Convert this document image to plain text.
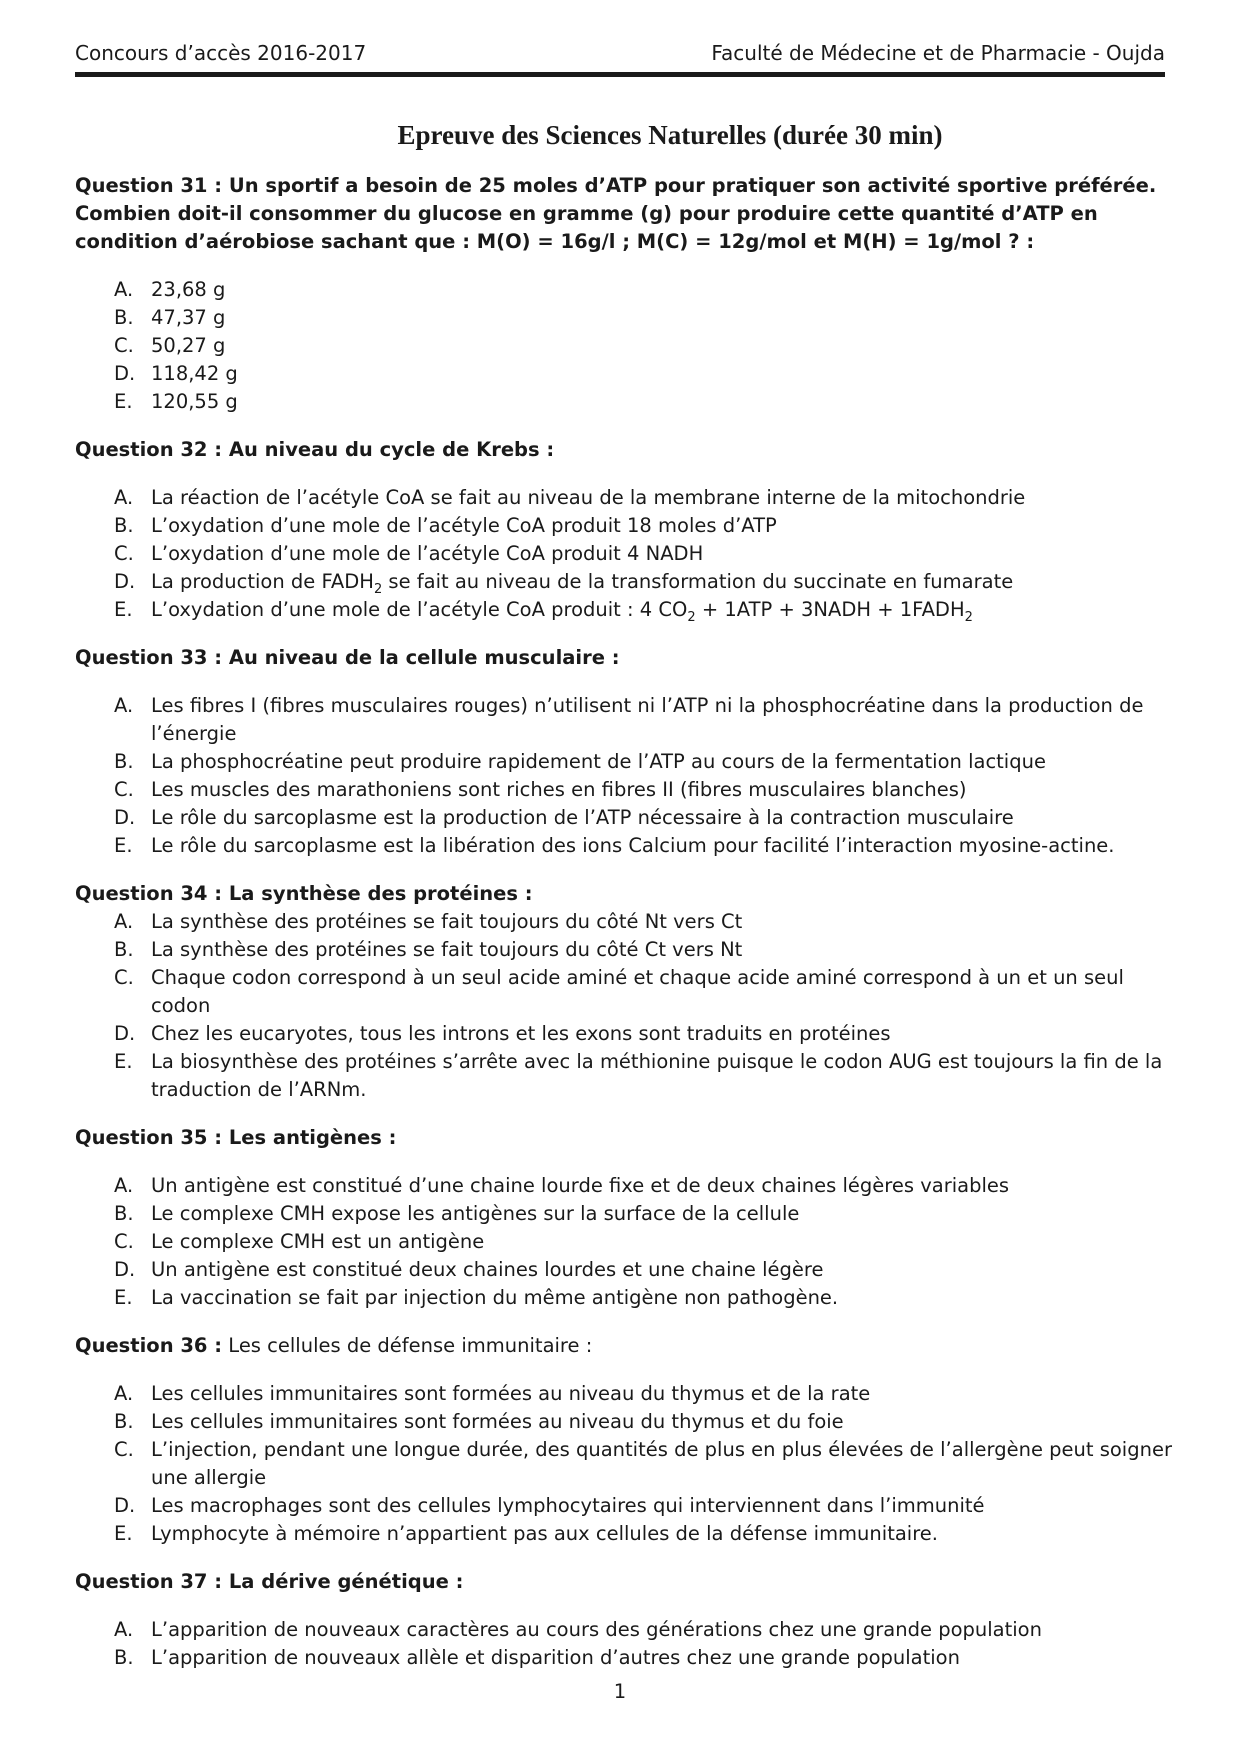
Concours d’accès 2016-2017	Faculté de Médecine et de Pharmacie - Oujda
Epreuve des Sciences Naturelles (durée 30 min)

Question 31 : Un sportif a besoin de 25 moles d’ATP pour pratiquer son activité sportive préférée. Combien doit-il consommer du glucose en gramme (g) pour produire cette quantité d’ATP en condition d’aérobiose sachant que : M(O) = 16g/l ; M(C) = 12g/mol et M(H) = 1g/mol ? :

A. 23,68 g
B. 47,37 g
C. 50,27 g
D. 118,42 g
E. 120,55 g

Question 32 : Au niveau du cycle de Krebs :

A. La réaction de l’acétyle CoA se fait au niveau de la membrane interne de la mitochondrie
B. L’oxydation d’une mole de l’acétyle CoA produit 18 moles d’ATP
C. L’oxydation d’une mole de l’acétyle CoA produit 4 NADH
D. La production de $FADH_2$ se fait au niveau de la transformation du succinate en fumarate
E. L’oxydation d’une mole de l’acétyle CoA produit : 4 $CO_2 + 1ATP$ + 3NADH + $1FADH_2$

Question 33 : Au niveau de la cellule musculaire :

A. Les fibres I (fibres musculaires rouges) n’utilisent ni l’ATP ni la phosphocréatine dans la production de l’énergie
B. La phosphocréatine peut produire rapidement de l’ATP au cours de la fermentation lactique
C. Les muscles des marathoniens sont riches en fibres II (fibres musculaires blanches)
D. Le rôle du sarcoplasme est la production de l’ATP nécessaire à la contraction musculaire
E. Le rôle du sarcoplasme est la libération des ions Calcium pour facilité l’interaction myosine-actine.

Question 34 : La synthèse des protéines :

A. La synthèse des protéines se fait toujours du côté Nt vers Ct
B. La synthèse des protéines se fait toujours du côté Ct vers Nt
C. Chaque codon correspond à un seul acide aminé et chaque acide aminé correspond à un et un seul codon
D. Chez les eucaryotes, tous les introns et les exons sont traduits en protéines
E. La biosynthèse des protéines s’arrête avec la méthionine puisque le codon AUG est toujours la fin de la traduction de l’ARNm.

Question 35 : Les antigènes :

A. Un antigène est constitué d’une chaine lourde fixe et de deux chaines légères variables
B. Le complexe CMH expose les antigènes sur la surface de la cellule
C. Le complexe CMH est un antigène
D. Un antigène est constitué deux chaines lourdes et une chaine légère
E. La vaccination se fait par injection du même antigène non pathogène.

Question 36 : Les cellules de défense immunitaire :

A. Les cellules immunitaires sont formées au niveau du thymus et de la rate
B. Les cellules immunitaires sont formées au niveau du thymus et du foie
C. L’injection, pendant une longue durée, des quantités de plus en plus élevées de l’allergène peut soigner une allergie
D. Les macrophages sont des cellules lymphocytaires qui interviennent dans l’immunité
E. Lymphocyte à mémoire n’appartient pas aux cellules de la défense immunitaire.

Question 37 : La dérive génétique :

A. L’apparition de nouveaux caractères au cours des générations chez une grande population
B. L’apparition de nouveaux allèle et disparition d’autres chez une grande population
1
